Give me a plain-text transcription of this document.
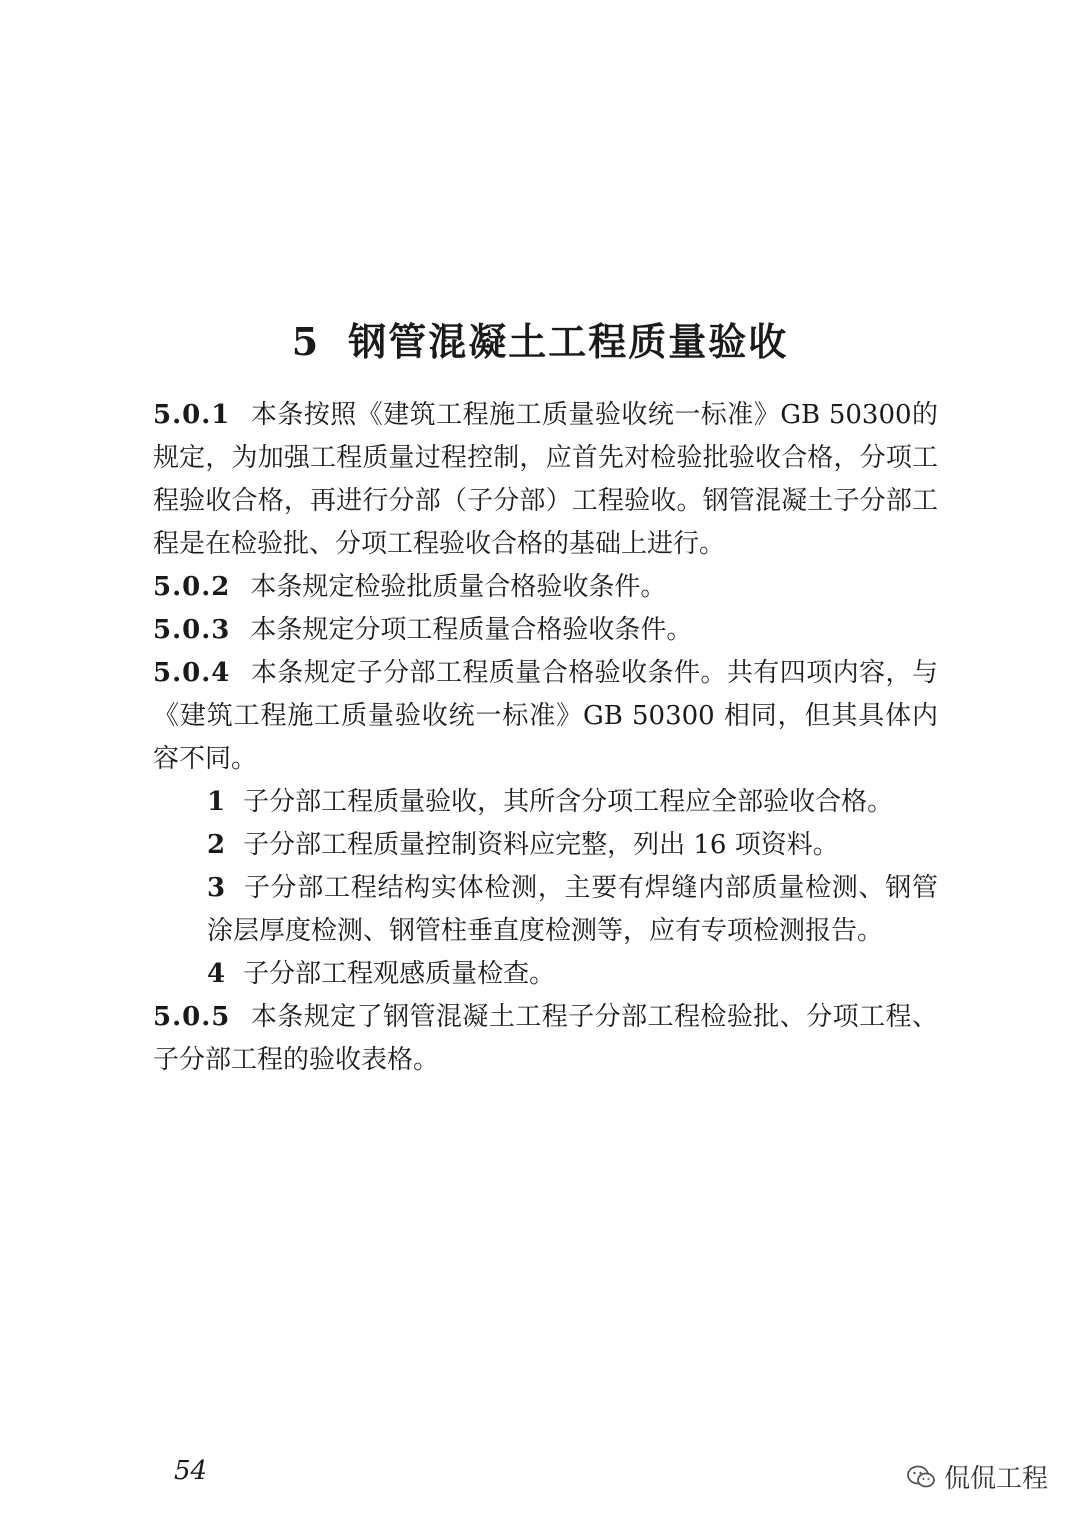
5 钢管混凝土工程质量验收

5.0.1 本条按照《建筑工程施工质量验收统一标准》GB 50300的规定，为加强工程质量过程控制，应首先对检验批验收合格，分项工程验收合格，再进行分部（子分部）工程验收。钢管混凝土子分部工程是在检验批、分项工程验收合格的基础上进行。

5.0.2 本条规定检验批质量合格验收条件。

5.0.3 本条规定分项工程质量合格验收条件。

5.0.4 本条规定子分部工程质量合格验收条件。共有四项内容，与《建筑工程施工质量验收统一标准》GB 50300 相同，但其具体内容不同。

1 子分部工程质量验收，其所含分项工程应全部验收合格。

2 子分部工程质量控制资料应完整，列出 16 项资料。

3 子分部工程结构实体检测，主要有焊缝内部质量检测、钢管涂层厚度检测、钢管柱垂直度检测等，应有专项检测报告。

4 子分部工程观感质量检查。

5.0.5 本条规定了钢管混凝土工程子分部工程检验批、分项工程、子分部工程的验收表格。

54	侃侃工程
